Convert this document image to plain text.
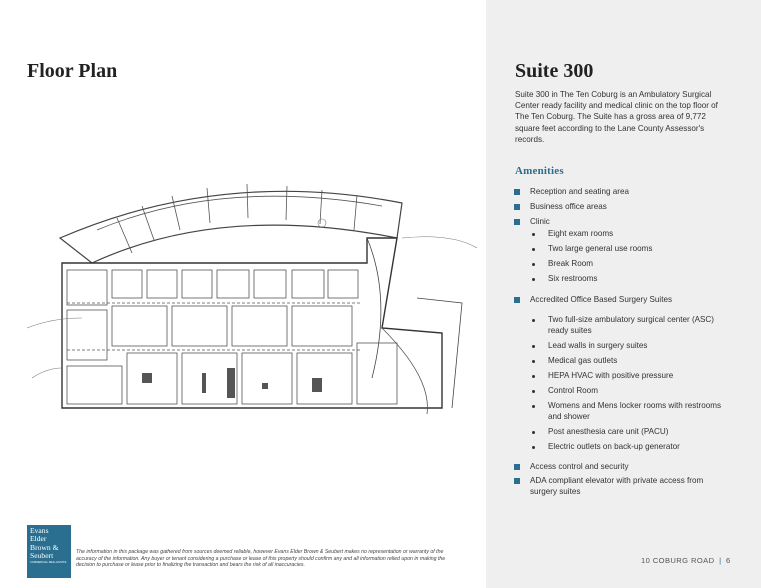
Floor Plan
Evans
Elder
Brown &
Seubert
COMMERCIAL REAL ESTATE

The information in this package was gathered from sources deemed reliable, however Evans Elder Brown & Seubert makes no representation or warranty of the accuracy of the information. Any buyer or tenant considering a purchase or lease of this property should confirm any and all information relied upon in making the decision to purchase or lease prior to finalizing the transaction and bears the risk of all inaccuracies.

Suite 300

Suite 300 in The Ten Coburg is an Ambulatory Surgical Center ready facility and medical clinic on the top floor of The Ten Coburg. The Suite has a gross area of 9,772 square feet according to the Lane County Assessor's records.

Amenities
Reception and seating area
Business office areas
Clinic
Eight exam rooms
Two large general use rooms
Break Room
Six restrooms
Accredited Office Based Surgery Suites
Two full-size ambulatory surgical center (ASC) ready suites
Lead walls in surgery suites
Medical gas outlets
HEPA HVAC with positive pressure
Control Room
Womens and Mens locker rooms with restrooms and shower
Post anesthesia care unit (PACU)
Electric outlets on back-up generator
Access control and security
ADA compliant elevator with private access from surgery suites
10 COBURG ROAD | 6
